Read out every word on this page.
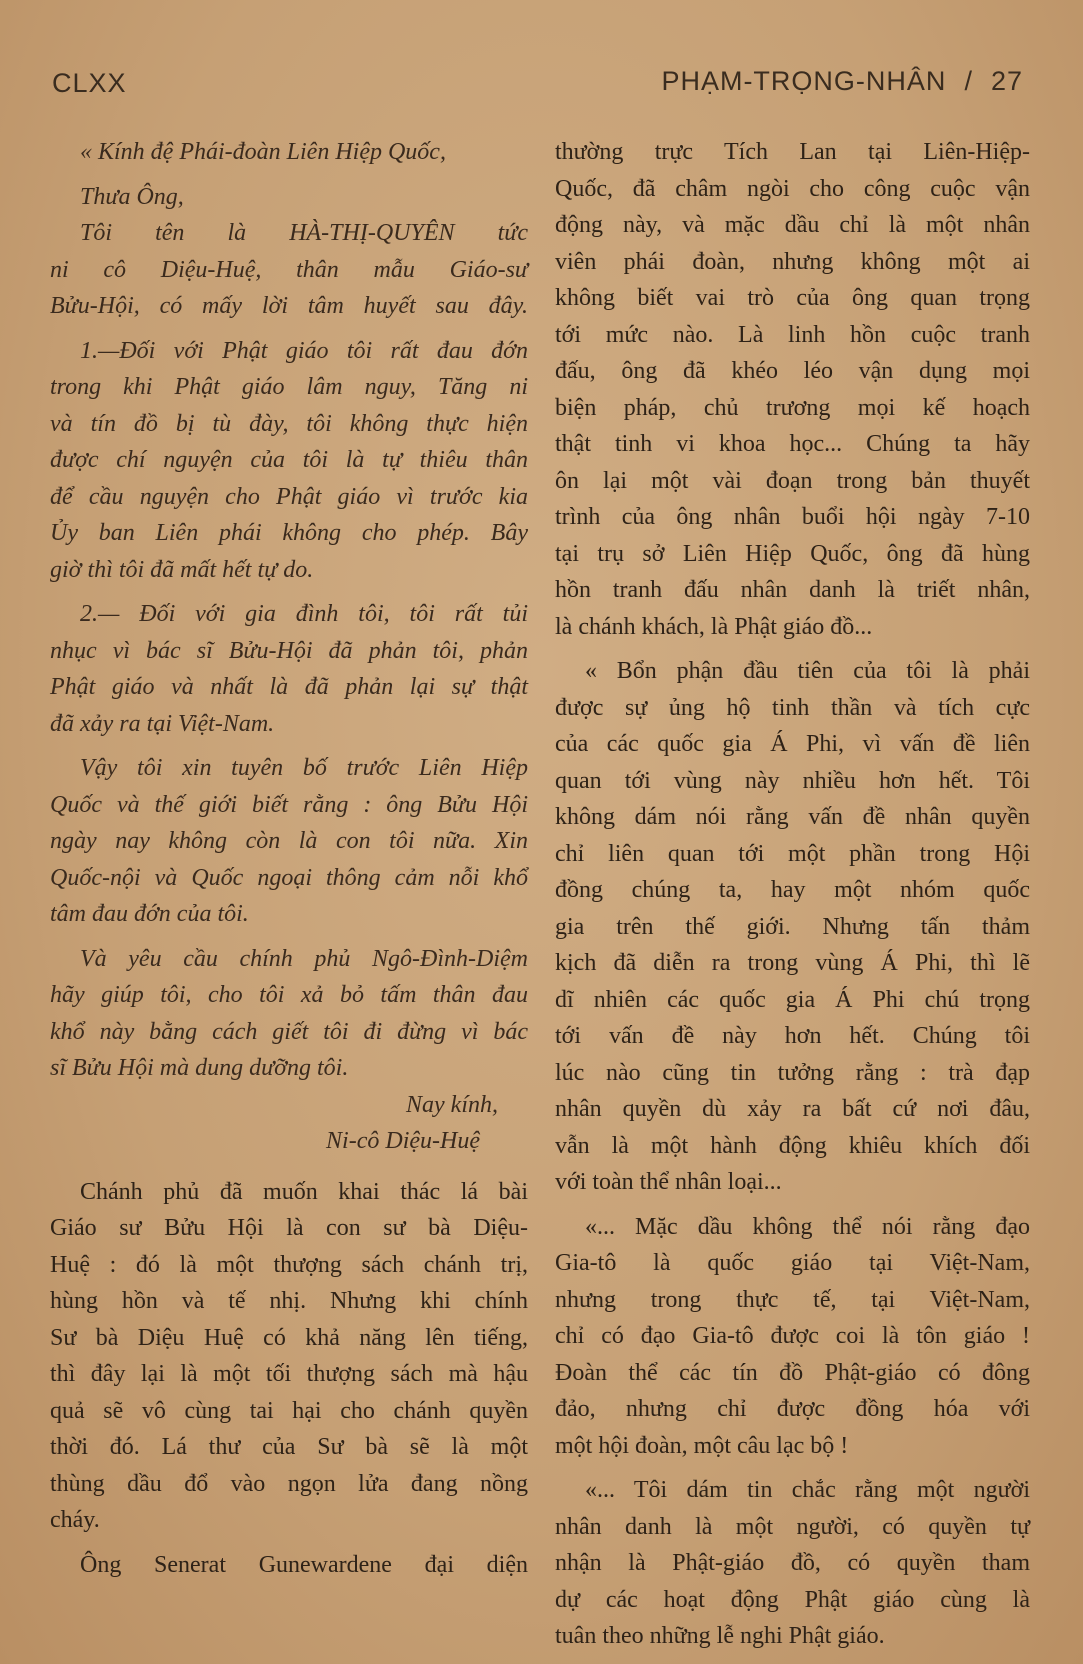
CLXX	PHẠM-TRỌNG-NHÂN / 27

« Kính đệ Phái-đoàn Liên Hiệp Quốc,

Thưa Ông,

Tôi tên là HÀ-THỊ-QUYÊN tức

ni cô Diệu-Huệ, thân mẫu Giáo-sư

Bửu-Hội, có mấy lời tâm huyết sau đây.

1.—Đối với Phật giáo tôi rất đau đớn

trong khi Phật giáo lâm nguy, Tăng ni

và tín đồ bị tù đày, tôi không thực hiện

được chí nguyện của tôi là tự thiêu thân

để cầu nguyện cho Phật giáo vì trước kia

Ủy ban Liên phái không cho phép. Bây

giờ thì tôi đã mất hết tự do.

2.— Đối với gia đình tôi, tôi rất tủi

nhục vì bác sĩ Bửu-Hội đã phản tôi, phản

Phật giáo và nhất là đã phản lại sự thật

đã xảy ra tại Việt-Nam.

Vậy tôi xin tuyên bố trước Liên Hiệp

Quốc và thế giới biết rằng : ông Bửu Hội

ngày nay không còn là con tôi nữa. Xin

Quốc-nội và Quốc ngoại thông cảm nỗi khổ

tâm đau đớn của tôi.

Và yêu cầu chính phủ Ngô-Đình-Diệm

hãy giúp tôi, cho tôi xả bỏ tấm thân đau

khổ này bằng cách giết tôi đi đừng vì bác

sĩ Bửu Hội mà dung dưỡng tôi.

Nay kính,

Ni-cô Diệu-Huệ

Chánh phủ đã muốn khai thác lá bài

Giáo sư Bửu Hội là con sư bà Diệu-

Huệ : đó là một thượng sách chánh trị,

hùng hồn và tế nhị. Nhưng khi chính

Sư bà Diệu Huệ có khả năng lên tiếng,

thì đây lại là một tối thượng sách mà hậu

quả sẽ vô cùng tai hại cho chánh quyền

thời đó. Lá thư của Sư bà sẽ là một

thùng dầu đổ vào ngọn lửa đang nồng

cháy.

Ông Senerat Gunewardene đại diện

thường trực Tích Lan tại Liên-Hiệp-

Quốc, đã châm ngòi cho công cuộc vận

động này, và mặc dầu chỉ là một nhân

viên phái đoàn, nhưng không một ai

không biết vai trò của ông quan trọng

tới mức nào. Là linh hồn cuộc tranh

đấu, ông đã khéo léo vận dụng mọi

biện pháp, chủ trương mọi kế hoạch

thật tinh vi khoa học... Chúng ta hãy

ôn lại một vài đoạn trong bản thuyết

trình của ông nhân buổi hội ngày 7-10

tại trụ sở Liên Hiệp Quốc, ông đã hùng

hồn tranh đấu nhân danh là triết nhân,

là chánh khách, là Phật giáo đồ...

« Bổn phận đầu tiên của tôi là phải

được sự ủng hộ tinh thần và tích cực

của các quốc gia Á Phi, vì vấn đề liên

quan tới vùng này nhiều hơn hết. Tôi

không dám nói rằng vấn đề nhân quyền

chỉ liên quan tới một phần trong Hội

đồng chúng ta, hay một nhóm quốc

gia trên thế giới. Nhưng tấn thảm

kịch đã diễn ra trong vùng Á Phi, thì lẽ

dĩ nhiên các quốc gia Á Phi chú trọng

tới vấn đề này hơn hết. Chúng tôi

lúc nào cũng tin tưởng rằng : trà đạp

nhân quyền dù xảy ra bất cứ nơi đâu,

vẫn là một hành động khiêu khích đối

với toàn thể nhân loại...

«... Mặc dầu không thể nói rằng đạo

Gia-tô là quốc giáo tại Việt-Nam,

nhưng trong thực tế, tại Việt-Nam,

chỉ có đạo Gia-tô được coi là tôn giáo !

Đoàn thể các tín đồ Phật-giáo có đông

đảo, nhưng chỉ được đồng hóa với

một hội đoàn, một câu lạc bộ !

«... Tôi dám tin chắc rằng một người

nhân danh là một người, có quyền tự

nhận là Phật-giáo đồ, có quyền tham

dự các hoạt động Phật giáo cùng là

tuân theo những lễ nghi Phật giáo.
